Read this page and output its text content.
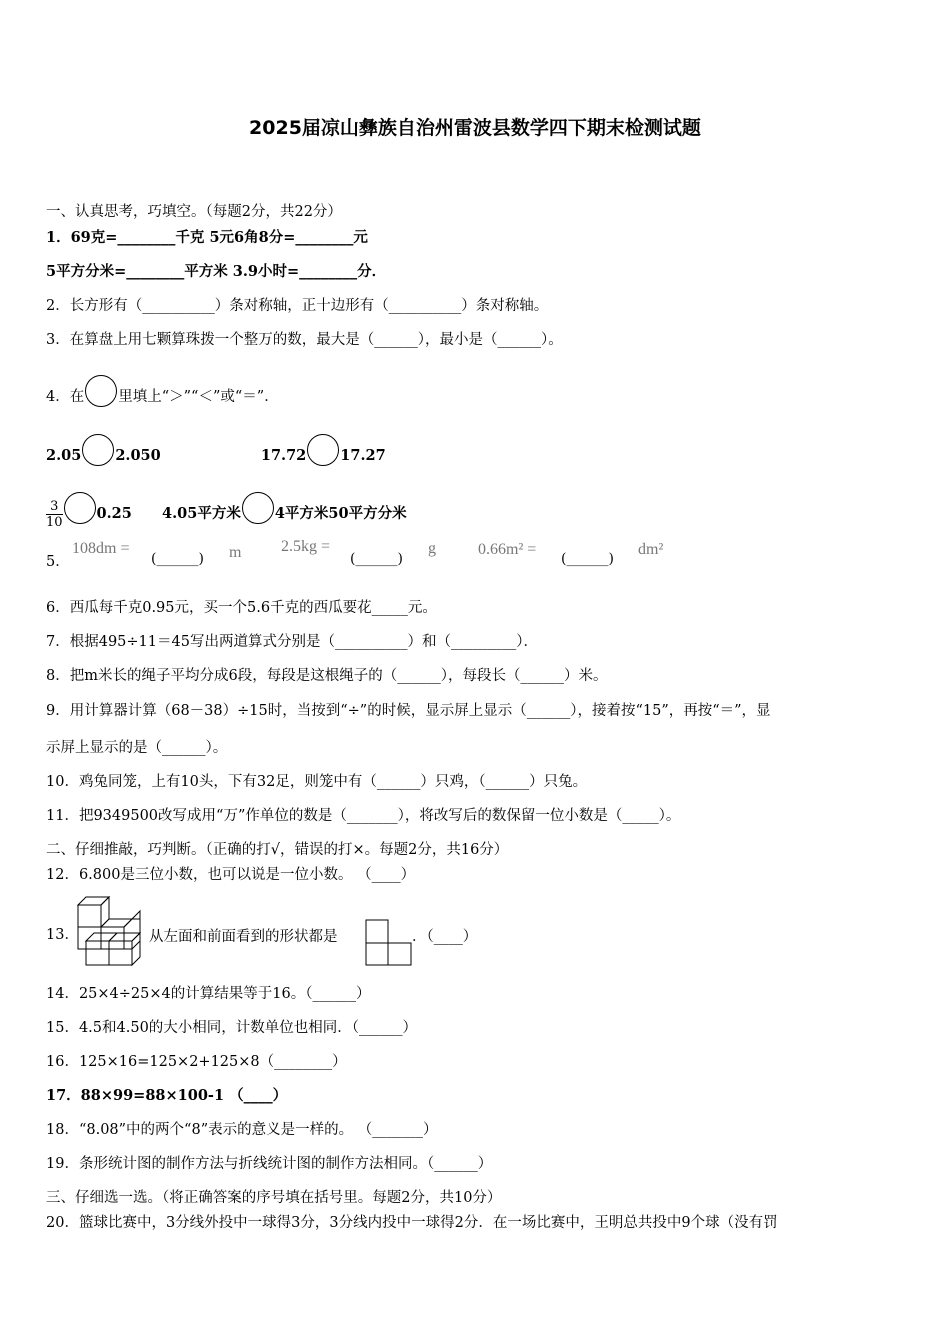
2025届凉山彝族自治州雷波县数学四下期末检测试题
一、认真思考，巧填空。（每题2分，共22分）
1．69克=________千克 5元6角8分=________元
5平方分米=________平方米 3.9小时=________分．
2．长方形有（__________）条对称轴，正十边形有（__________）条对称轴。
3．在算盘上用七颗算珠拨一个整万的数，最大是（______），最小是（______）。
4．在 里填上“＞”“＜”或“＝”．
2.05 2.050	17.72 17.27
$\frac{3}{10} 0.25$ 4.05平方米 4平方米50平方分米
5．
108dm =
(______) m 2.5kg =
(______)
g	0.66m² =
(______)
dm²
6．西瓜每千克0.95元，买一个5.6千克的西瓜要花_____元。
7．根据495÷11＝45写出两道算式分别是（__________）和（_________）．
8．把m米长的绳子平均分成6段，每段是这根绳子的（______），每段长（______）米。
9．用计算器计算（68－38）÷15时，当按到“÷”的时候，显示屏上显示（______），接着按“15”，再按“＝”，显
示屏上显示的是（______）。
10．鸡兔同笼，上有10头，下有32足，则笼中有（______）只鸡，（______）只兔。
11．把9349500改写成用“万”作单位的数是（_______），将改写后的数保留一位小数是（_____）。
二、仔细推敲，巧判断。（正确的打√，错误的打×。每题2分，共16分）
12．6.800是三位小数，也可以说是一位小数。 （____）
13．	从左面和前面看到的形状都是	．（____）
14．25×4÷25×4的计算结果等于16。（______）
15．4.5和4.50的大小相同，计数单位也相同．（______）
16．125×16=125×2+125×8（________）
17．88×99=88×100-1 （____）
18．“8.08”中的两个“8”表示的意义是一样的。 （_______）
19．条形统计图的制作方法与折线统计图的制作方法相同。（______）
三、仔细选一选。（将正确答案的序号填在括号里。每题2分，共10分）
20．篮球比赛中，3分线外投中一球得3分，3分线内投中一球得2分．在一场比赛中，王明总共投中9个球（没有罚
